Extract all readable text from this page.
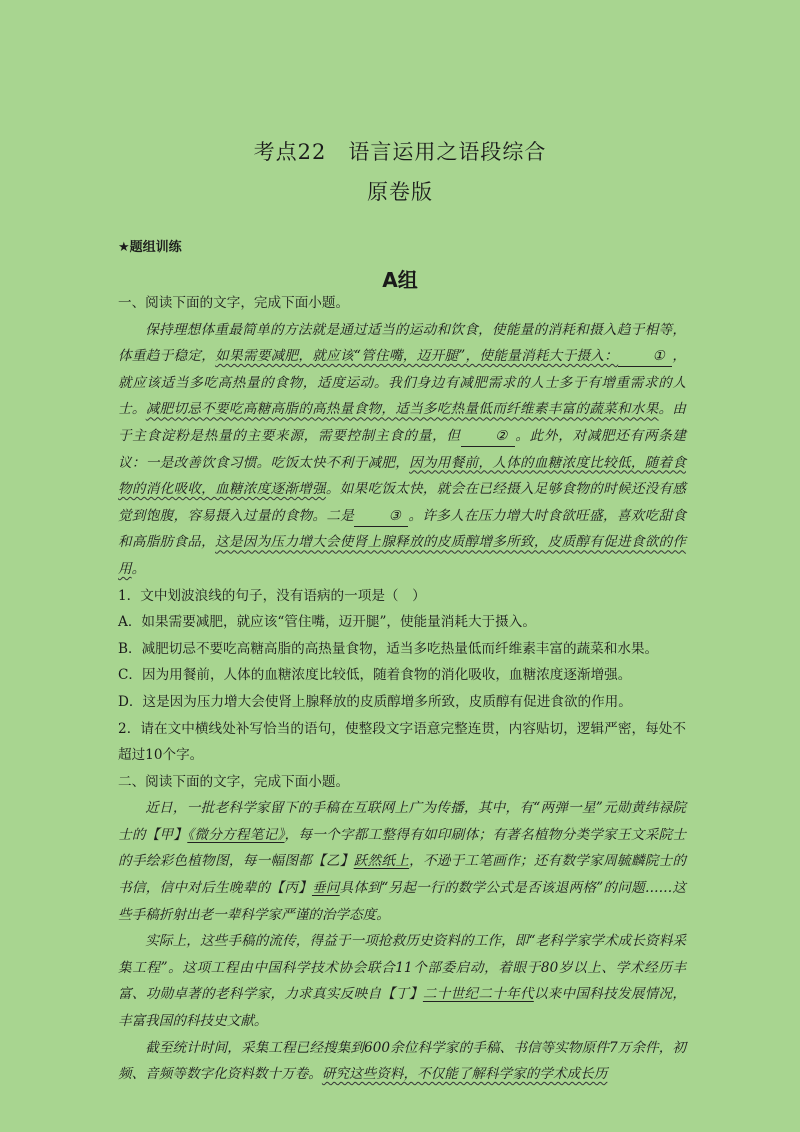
考点22　语言运用之语段综合
原卷版
★题组训练
A组

一、阅读下面的文字，完成下面小题。

保持理想体重最简单的方法就是通过适当的运动和饮食，使能量的消耗和摄入趋于相等，体重趋于稳定，如果需要减肥，就应该“管住嘴，迈开腿”，使能量消耗大于摄入：	① ，就应该适当多吃高热量的食物，适度运动。我们身边有减肥需求的人士多于有增重需求的人士。减肥切忌不要吃高糖高脂的高热量食物，适当多吃热量低而纤维素丰富的蔬菜和水果。由于主食淀粉是热量的主要来源，需要控制主食的量，但	② 。此外，对减肥还有两条建议：一是改善饮食习惯。吃饭太快不利于减肥，因为用餐前，人体的血糖浓度比较低，随着食物的消化吸收，血糖浓度逐渐增强。如果吃饭太快，就会在已经摄入足够食物的时候还没有感觉到饱腹，容易摄入过量的食物。二是	③ 。许多人在压力增大时食欲旺盛，喜欢吃甜食和高脂肪食品，这是因为压力增大会使肾上腺释放的皮质醇增多所致，皮质醇有促进食欲的作用。

1．文中划波浪线的句子，没有语病的一项是（　）

A．如果需要减肥，就应该“管住嘴，迈开腿”，使能量消耗大于摄入。

B．减肥切忌不要吃高糖高脂的高热量食物，适当多吃热量低而纤维素丰富的蔬菜和水果。

C．因为用餐前，人体的血糖浓度比较低，随着食物的消化吸收，血糖浓度逐渐增强。

D．这是因为压力增大会使肾上腺释放的皮质醇增多所致，皮质醇有促进食欲的作用。

2．请在文中横线处补写恰当的语句，使整段文字语意完整连贯，内容贴切，逻辑严密，每处不超过10个字。

二、阅读下面的文字，完成下面小题。

近日，一批老科学家留下的手稿在互联网上广为传播，其中，有“两弹一星”元勋黄纬禄院士的【甲】《微分方程笔记》，每一个字都工整得有如印刷体；有著名植物分类学家王文采院士的手绘彩色植物图，每一幅图都【乙】跃然纸上，不逊于工笔画作；还有数学家周毓麟院士的书信，信中对后生晚辈的【丙】垂问具体到“另起一行的数学公式是否该退两格”的问题……这些手稿折射出老一辈科学家严谨的治学态度。

实际上，这些手稿的流传，得益于一项抢救历史资料的工作，即“老科学家学术成长资料采集工程”。这项工程由中国科学技术协会联合11个部委启动，着眼于80岁以上、学术经历丰富、功勋卓著的老科学家，力求真实反映自【丁】二十世纪二十年代以来中国科技发展情况，丰富我国的科技史文献。

截至统计时间，采集工程已经搜集到600余位科学家的手稿、书信等实物原件7万余件，初频、音频等数字化资料数十万卷。研究这些资料，不仅能了解科学家的学术成长历
